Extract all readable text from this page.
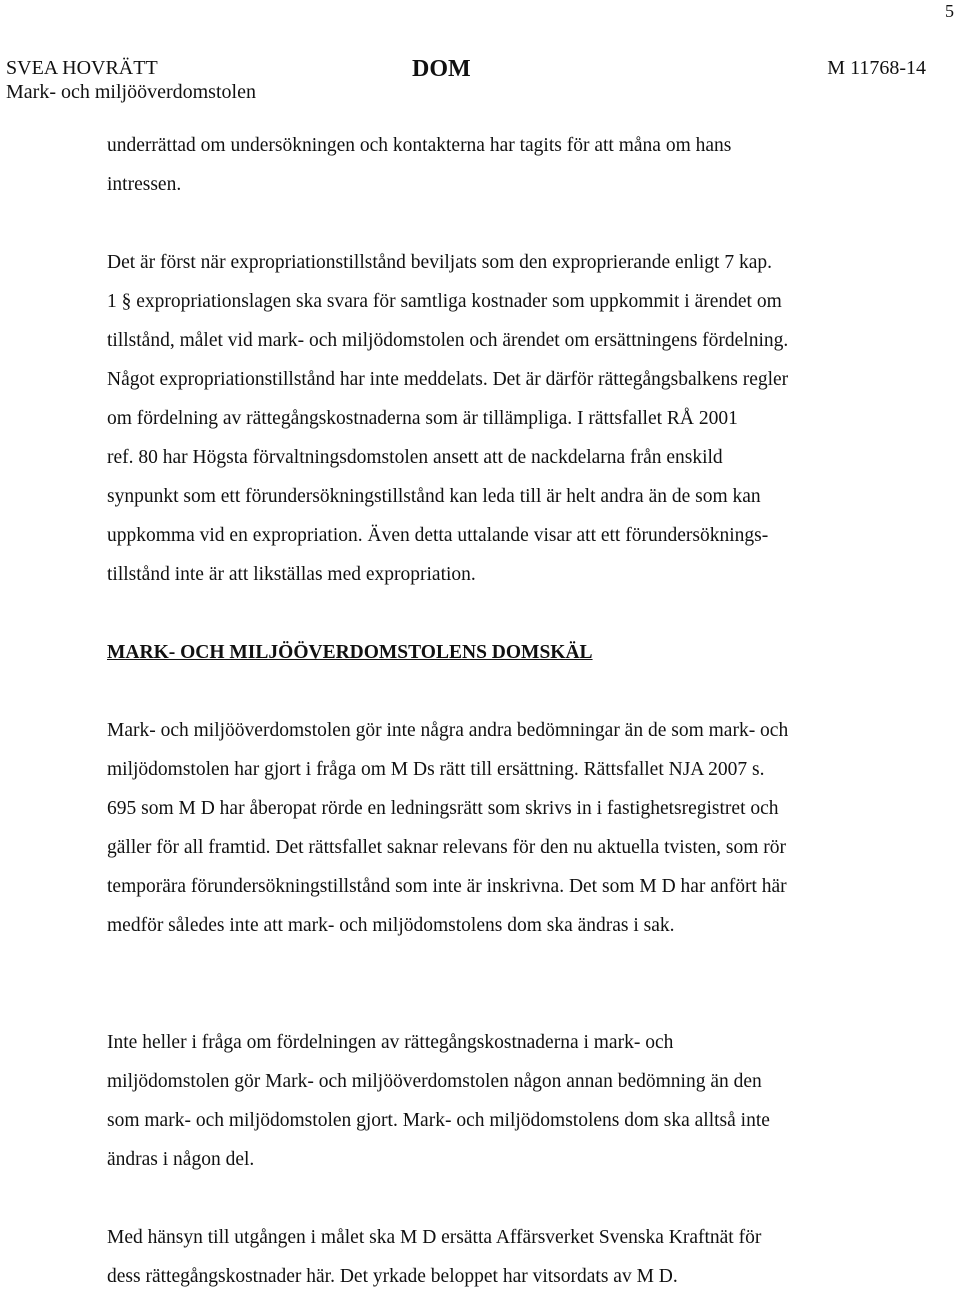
5
SVEA HOVRÄTT
Mark- och miljööverdomstolen
DOM	M 11768-14

underrättad om undersökningen och kontakterna har tagits för att måna om hans
intressen.

Det är först när expropriationstillstånd beviljats som den exproprierande enligt 7 kap.
1 § expropriationslagen ska svara för samtliga kostnader som uppkommit i ärendet om
tillstånd, målet vid mark- och miljödomstolen och ärendet om ersättningens fördelning.
Något expropriationstillstånd har inte meddelats. Det är därför rättegångsbalkens regler
om fördelning av rättegångskostnaderna som är tillämpliga. I rättsfallet RÅ 2001
ref. 80 har Högsta förvaltningsdomstolen ansett att de nackdelarna från enskild
synpunkt som ett förundersökningstillstånd kan leda till är helt andra än de som kan
uppkomma vid en expropriation. Även detta uttalande visar att ett förundersöknings-
tillstånd inte är att likställas med expropriation.

MARK- OCH MILJÖÖVERDOMSTOLENS DOMSKÄL

Mark- och miljööverdomstolen gör inte några andra bedömningar än de som mark- och
miljödomstolen har gjort i fråga om M Ds rätt till ersättning. Rättsfallet NJA 2007 s.
695 som M D har åberopat rörde en ledningsrätt som skrivs in i fastighetsregistret och
gäller för all framtid. Det rättsfallet saknar relevans för den nu aktuella tvisten, som rör
temporära förundersökningstillstånd som inte är inskrivna. Det som M D har anfört här
medför således inte att mark- och miljödomstolens dom ska ändras i sak.

Inte heller i fråga om fördelningen av rättegångskostnaderna i mark- och
miljödomstolen gör Mark- och miljööverdomstolen någon annan bedömning än den
som mark- och miljödomstolen gjort. Mark- och miljödomstolens dom ska alltså inte
ändras i någon del.

Med hänsyn till utgången i målet ska M D ersätta Affärsverket Svenska Kraftnät för
dess rättegångskostnader här. Det yrkade beloppet har vitsordats av M D.
